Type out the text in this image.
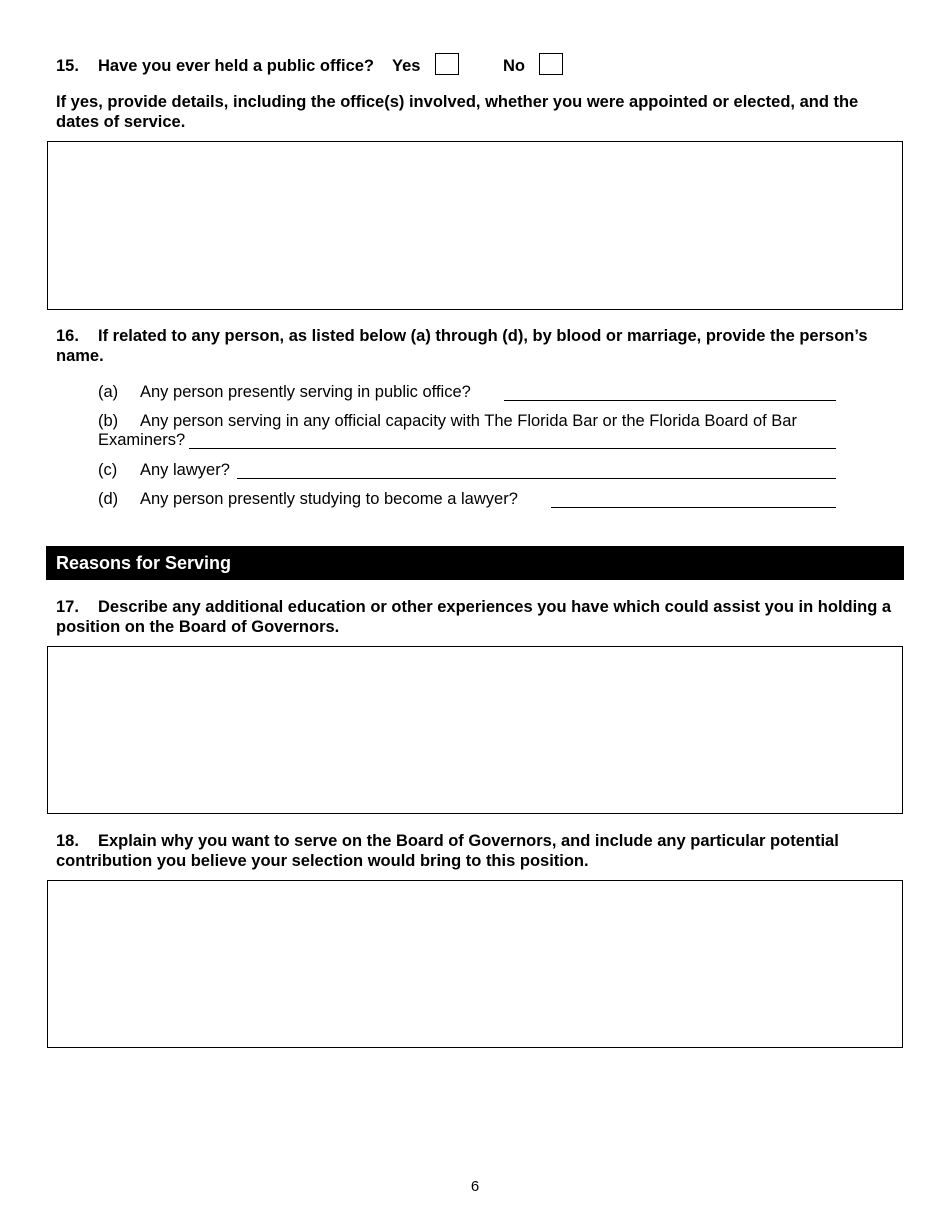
15. Have you ever held a public office? Yes	No
If yes, provide details, including the office(s) involved, whether you were appointed or elected, and the dates of service.
16. If related to any person, as listed below (a) through (d), by blood or marriage, provide the person’s name.
(a) Any person presently serving in public office?
(b) Any person serving in any official capacity with The Florida Bar or the Florida Board of Bar
Examiners?
(c) Any lawyer?
(d) Any person presently studying to become a lawyer?
Reasons for Serving
17. Describe any additional education or other experiences you have which could assist you in holding a position on the Board of Governors.
18. Explain why you want to serve on the Board of Governors, and include any particular potential contribution you believe your selection would bring to this position.
6
